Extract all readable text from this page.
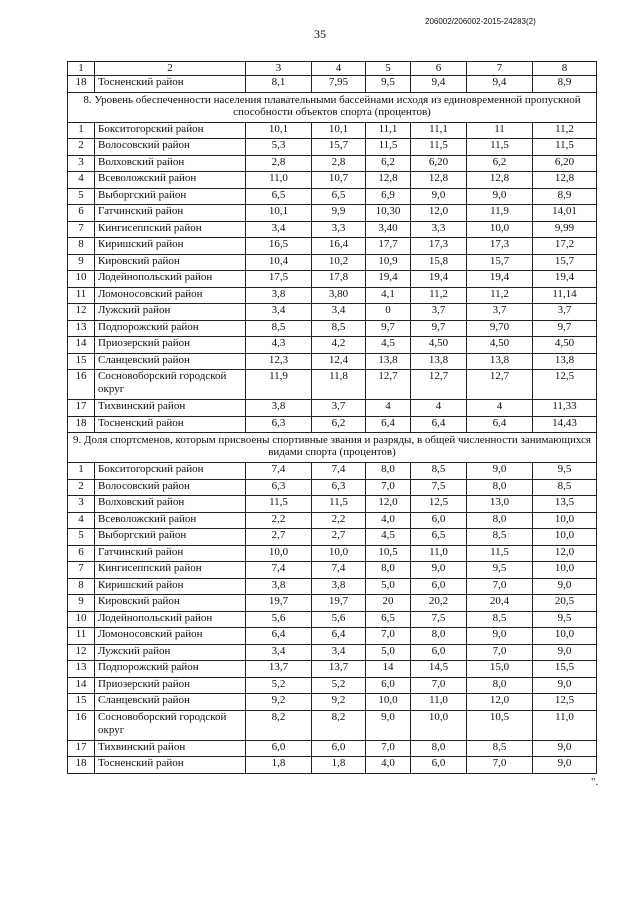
206002/206002-2015-24283(2)
35
1	2	3	4	5	6	7	8
18	Тосненский район	8,1	7,95	9,5	9,4	9,4	8,9
8. Уровень обеспеченности населения плавательными бассейнами исходя из единовременной пропускной способности объектов спорта (процентов)							
1	Бокситогорский район	10,1	10,1	11,1	11,1	11	11,2
2	Волосовский район	5,3	15,7	11,5	11,5	11,5	11,5
3	Волховский район	2,8	2,8	6,2	6,20	6,2	6,20
4	Всеволожский район	11,0	10,7	12,8	12,8	12,8	12,8
5	Выборгский район	6,5	6,5	6,9	9,0	9,0	8,9
6	Гатчинский район	10,1	9,9	10,30	12,0	11,9	14,01
7	Кингисеппский район	3,4	3,3	3,40	3,3	10,0	9,99
8	Киришский район	16,5	16,4	17,7	17,3	17,3	17,2
9	Кировский район	10,4	10,2	10,9	15,8	15,7	15,7
10	Лодейнопольский район	17,5	17,8	19,4	19,4	19,4	19,4
11	Ломоносовский район	3,8	3,80	4,1	11,2	11,2	11,14
12	Лужский район	3,4	3,4	0	3,7	3,7	3,7
13	Подпорожский район	8,5	8,5	9,7	9,7	9,70	9,7
14	Приозерский район	4,3	4,2	4,5	4,50	4,50	4,50
15	Сланцевский район	12,3	12,4	13,8	13,8	13,8	13,8
16	Сосновоборский городской округ	11,9	11,8	12,7	12,7	12,7	12,5
17	Тихвинский район	3,8	3,7	4	4	4	11,33
18	Тосненский район	6,3	6,2	6,4	6,4	6,4	14,43
9. Доля спортсменов, которым присвоены спортивные звания и разряды, в общей численности занимающихся видами спорта (процентов)							
1	Бокситогорский район	7,4	7,4	8,0	8,5	9,0	9,5
2	Волосовский район	6,3	6,3	7,0	7,5	8,0	8,5
3	Волховский район	11,5	11,5	12,0	12,5	13,0	13,5
4	Всеволожский район	2,2	2,2	4,0	6,0	8,0	10,0
5	Выборгский район	2,7	2,7	4,5	6,5	8,5	10,0
6	Гатчинский район	10,0	10,0	10,5	11,0	11,5	12,0
7	Кингисеппский район	7,4	7,4	8,0	9,0	9,5	10,0
8	Киришский район	3,8	3,8	5,0	6,0	7,0	9,0
9	Кировский район	19,7	19,7	20	20,2	20,4	20,5
10	Лодейнопольский район	5,6	5,6	6,5	7,5	8,5	9,5
11	Ломоносовский район	6,4	6,4	7,0	8,0	9,0	10,0
12	Лужский район	3,4	3,4	5,0	6,0	7,0	9,0
13	Подпорожский район	13,7	13,7	14	14,5	15,0	15,5
14	Приозерский район	5,2	5,2	6,0	7,0	8,0	9,0
15	Сланцевский район	9,2	9,2	10,0	11,0	12,0	12,5
16	Сосновоборский городской округ	8,2	8,2	9,0	10,0	10,5	11,0
17	Тихвинский район	6,0	6,0	7,0	8,0	8,5	9,0
18	Тосненский район	1,8	1,8	4,0	6,0	7,0	9,0
".
